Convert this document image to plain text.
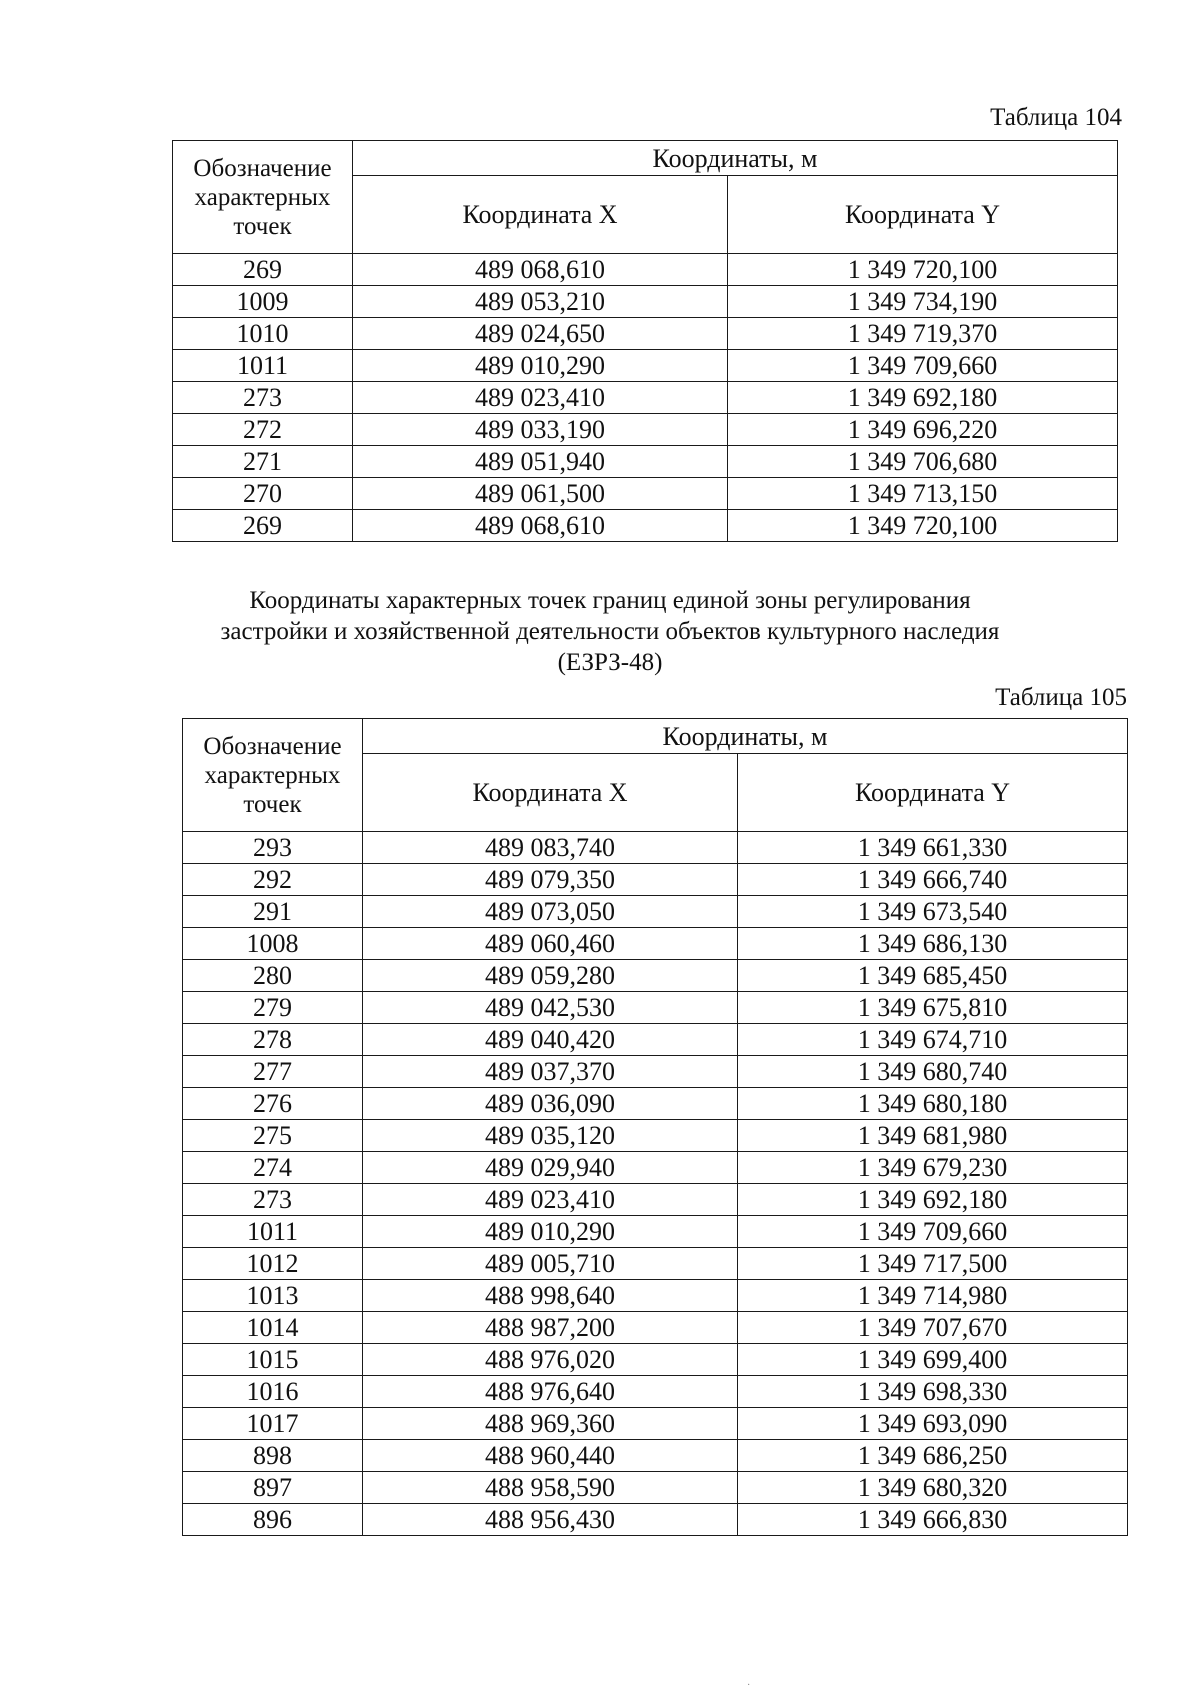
Таблица 104
Обозначение характерных точек	Координаты, м	
	Координата X	Координата Y
269	489 068,610	1 349 720,100
1009	489 053,210	1 349 734,190
1010	489 024,650	1 349 719,370
1011	489 010,290	1 349 709,660
273	489 023,410	1 349 692,180
272	489 033,190	1 349 696,220
271	489 051,940	1 349 706,680
270	489 061,500	1 349 713,150
269	489 068,610	1 349 720,100
Координаты характерных точек границ единой зоны регулирования
застройки и хозяйственной деятельности объектов культурного наследия
(ЕЗРЗ-48)
Таблица 105
Обозначение характерных точек	Координаты, м	
	Координата X	Координата Y
293	489 083,740	1 349 661,330
292	489 079,350	1 349 666,740
291	489 073,050	1 349 673,540
1008	489 060,460	1 349 686,130
280	489 059,280	1 349 685,450
279	489 042,530	1 349 675,810
278	489 040,420	1 349 674,710
277	489 037,370	1 349 680,740
276	489 036,090	1 349 680,180
275	489 035,120	1 349 681,980
274	489 029,940	1 349 679,230
273	489 023,410	1 349 692,180
1011	489 010,290	1 349 709,660
1012	489 005,710	1 349 717,500
1013	488 998,640	1 349 714,980
1014	488 987,200	1 349 707,670
1015	488 976,020	1 349 699,400
1016	488 976,640	1 349 698,330
1017	488 969,360	1 349 693,090
898	488 960,440	1 349 686,250
897	488 958,590	1 349 680,320
896	488 956,430	1 349 666,830
·
